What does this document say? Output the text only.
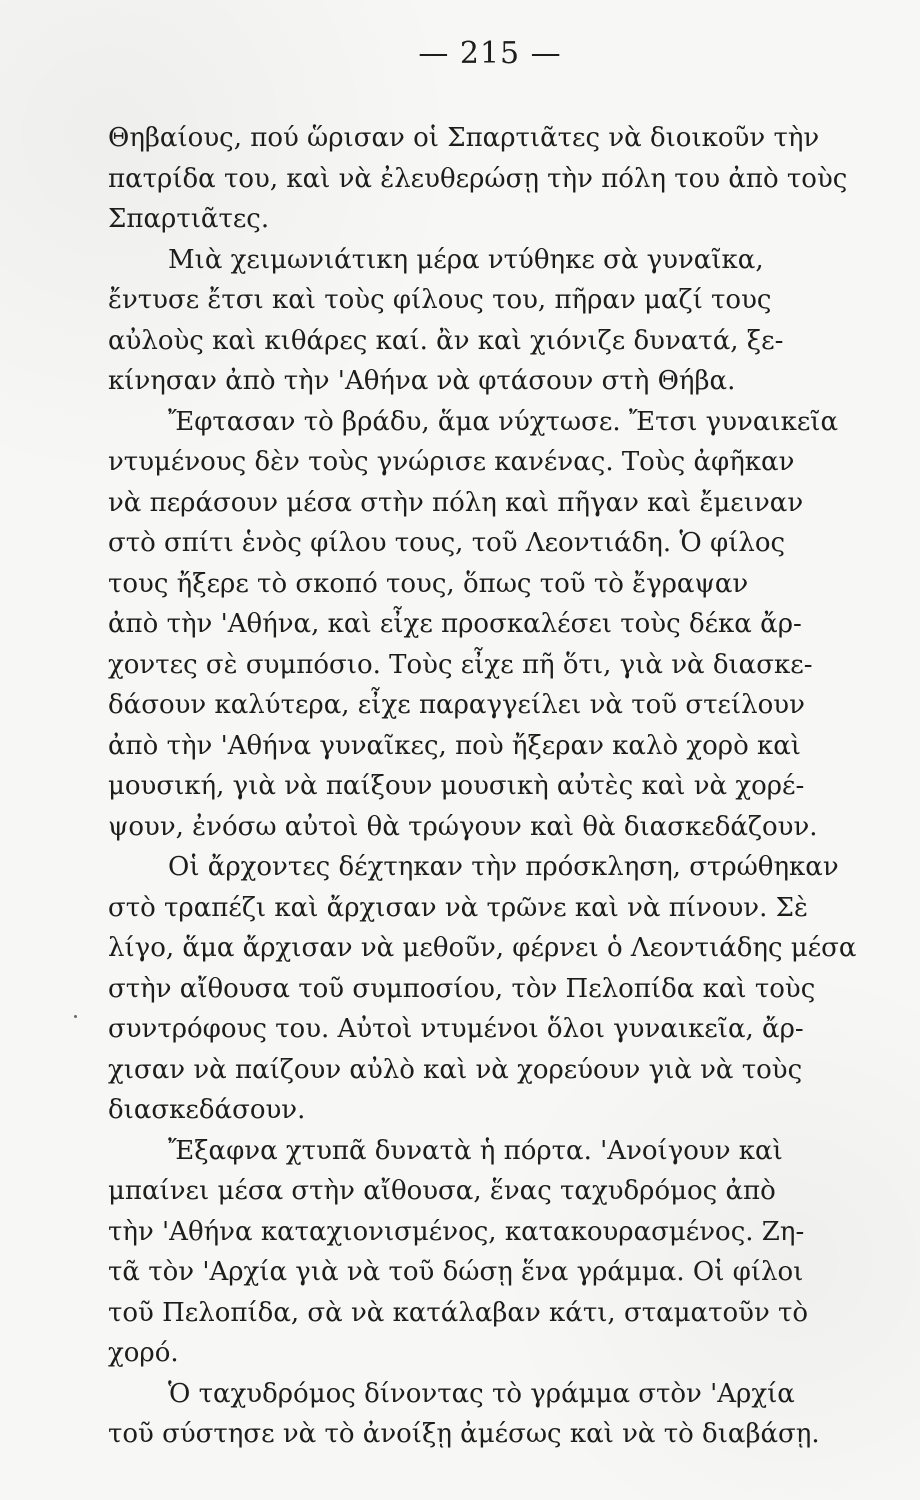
— 215 —
Θηβαίους, πού ὥρισαν οἱ Σπαρτιᾶτες νὰ διοικοῦν τὴν
πατρίδα του, καὶ νὰ ἐλευθερώσῃ τὴν πόλη του ἀπὸ τοὺς
Σπαρτιᾶτες.
Μιὰ χειμωνιάτικη μέρα ντύθηκε σὰ γυναῖκα,
ἔντυσε ἔτσι καὶ τοὺς φίλους του, πῆραν μαζί τους
αὐλοὺς καὶ κιθάρες καί. ἂν καὶ χιόνιζε δυνατά, ξε-
κίνησαν ἀπὸ τὴν 'Αθήνα νὰ φτάσουν στὴ Θήβα.
Ἔφτασαν τὸ βράδυ, ἅμα νύχτωσε. Ἔτσι γυναικεῖα
ντυμένους δὲν τοὺς γνώρισε κανένας. Τοὺς ἀφῆκαν
νὰ περάσουν μέσα στὴν πόλη καὶ πῆγαν καὶ ἔμειναν
στὸ σπίτι ἑνὸς φίλου τους, τοῦ Λεοντιάδη. Ὁ φίλος
τους ἤξερε τὸ σκοπό τους, ὅπως τοῦ τὸ ἔγραψαν
ἀπὸ τὴν 'Αθήνα, καὶ εἶχε προσκαλέσει τοὺς δέκα ἄρ-
χοντες σὲ συμπόσιο. Τοὺς εἶχε πῆ ὅτι, γιὰ νὰ διασκε-
δάσουν καλύτερα, εἶχε παραγγείλει νὰ τοῦ στείλουν
ἀπὸ τὴν 'Αθήνα γυναῖκες, ποὺ ἤξεραν καλὸ χορὸ καὶ
μουσική, γιὰ νὰ παίξουν μουσικὴ αὐτὲς καὶ νὰ χορέ-
ψουν, ἐνόσω αὐτοὶ θὰ τρώγουν καὶ θὰ διασκεδάζουν.
Οἱ ἄρχοντες δέχτηκαν τὴν πρόσκληση, στρώθηκαν
στὸ τραπέζι καὶ ἄρχισαν νὰ τρῶνε καὶ νὰ πίνουν. Σὲ
λίγο, ἅμα ἄρχισαν νὰ μεθοῦν, φέρνει ὁ Λεοντιάδης μέσα
στὴν αἴθουσα τοῦ συμποσίου, τὸν Πελοπίδα καὶ τοὺς
συντρόφους του. Αὐτοὶ ντυμένοι ὅλοι γυναικεῖα, ἄρ-
χισαν νὰ παίζουν αὐλὸ καὶ νὰ χορεύουν γιὰ νὰ τοὺς
διασκεδάσουν.
Ἔξαφνα χτυπᾶ δυνατὰ ἡ πόρτα. 'Ανοίγουν καὶ
μπαίνει μέσα στὴν αἴθουσα, ἕνας ταχυδρόμος ἀπὸ
τὴν 'Αθήνα καταχιονισμένος, κατακουρασμένος. Ζη-
τᾶ τὸν 'Αρχία γιὰ νὰ τοῦ δώσῃ ἕνα γράμμα. Οἱ φίλοι
τοῦ Πελοπίδα, σὰ νὰ κατάλαβαν κάτι, σταματοῦν τὸ
χορό.
Ὁ ταχυδρόμος δίνοντας τὸ γράμμα στὸν 'Αρχία
τοῦ σύστησε νὰ τὸ ἀνοίξῃ ἀμέσως καὶ νὰ τὸ διαβάσῃ.
